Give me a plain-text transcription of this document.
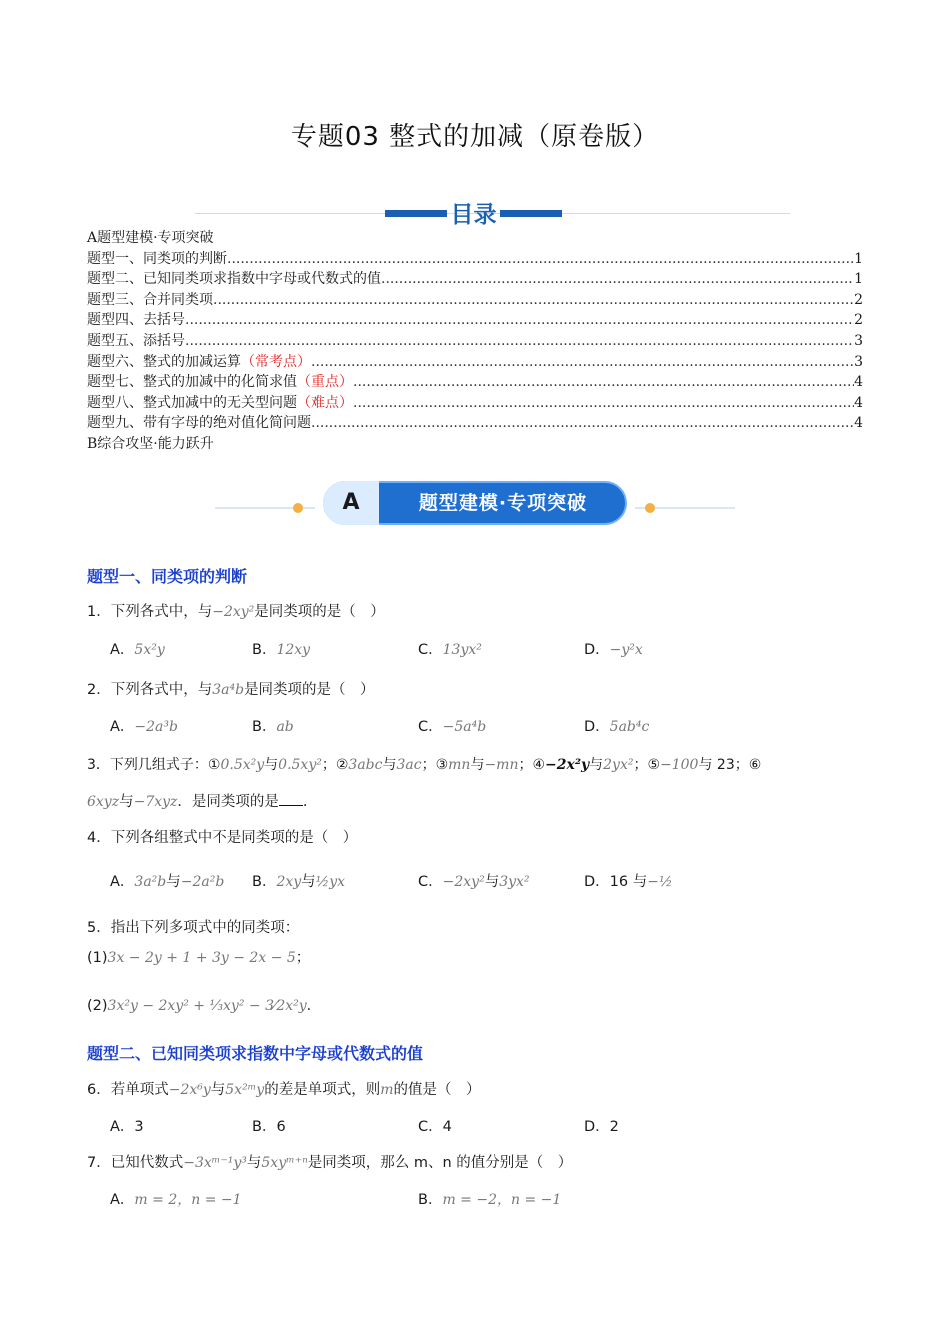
专题03 整式的加减（原卷版）
目录
A题型建模·专项突破
题型一、同类项的判断 .....	1
题型二、已知同类项求指数中字母或代数式的值 .....	1
题型三、合并同类项 .....	2
题型四、去括号 .....	2
题型五、添括号 .....	3
题型六、整式的加减运算 （常考点） .....	3
题型七、整式的加减中的化简求值 （重点） .....	4
题型八、整式加减中的无关型问题 （难点） .....	4
题型九、带有字母的绝对值化简问题 .....	4
B综合攻坚·能力跃升
A	题型建模·专项突破
题型一、同类项的判断
1．下列各式中，与−2xy²是同类项的是（　）
A．5x²y	B．12xy	C．13yx²	D．−y²x
2．下列各式中，与3a⁴b是同类项的是（　）
A．−2a³b	B．ab	C．−5a⁴b	D．5ab⁴c
3．下列几组式子：①0.5x²y与0.5xy²；②3abc与3ac；③mn与−mn；④−2x²y与2yx²；⑤−100与 23；⑥
6xyz与−7xyz．是同类项的是 .
4．下列各组整式中不是同类项的是（　）
A．3a²b与−2a²b B．2xy与½yx	C．−2xy²与3yx²	D．16 与−½
5．指出下列多项式中的同类项：
(1)3x − 2y + 1 + 3y − 2x − 5；
(2)3x²y − 2xy² + ⅓xy² − 3⁄2x²y．
题型二、已知同类项求指数中字母或代数式的值
6．若单项式−2x⁶y与5x²ᵐy的差是单项式，则m的值是（　）
A．3	B．6	C．4	D．2
7．已知代数式−3xᵐ⁻¹y³与5xyᵐ⁺ⁿ是同类项，那么 m、n 的值分别是（　）
A．m = 2，n = −1	B．m = −2，n = −1
